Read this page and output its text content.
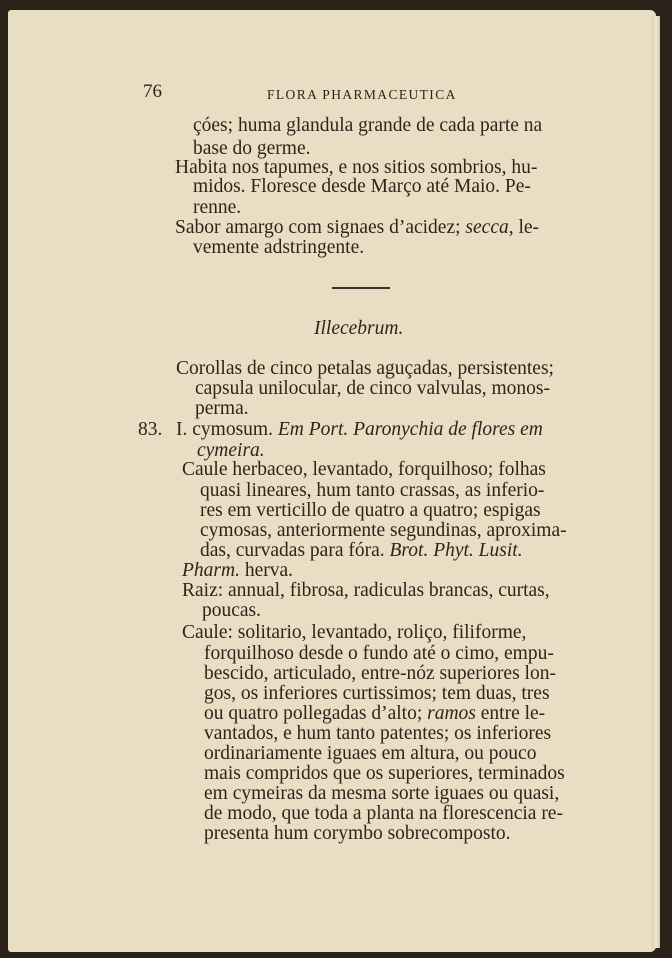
76	FLORA PHARMACEUTICA
çóes; huma glandula grande de cada parte na
base do germe.
Habita nos tapumes, e nos sitios sombrios, hu-
midos. Floresce desde Março até Maio. Pe-
renne.
Sabor amargo com signaes d’acidez; secca, le-
vemente adstringente.
Illecebrum.
Corollas de cinco petalas aguçadas, persistentes;
capsula unilocular, de cinco valvulas, monos-
perma.
83. I. cymosum. Em Port. Paronychia de flores em
cymeira.
Caule herbaceo, levantado, forquilhoso; folhas
quasi lineares, hum tanto crassas, as inferio-
res em verticillo de quatro a quatro; espigas
cymosas, anteriormente segundinas, aproxima-
das, curvadas para fóra. Brot. Phyt. Lusit.
Pharm. herva.
Raiz: annual, fibrosa, radiculas brancas, curtas,
poucas.
Caule: solitario, levantado, roliço, filiforme,
forquilhoso desde o fundo até o cimo, empu-
bescido, articulado, entre-nóz superiores lon-
gos, os inferiores curtissimos; tem duas, tres
ou quatro pollegadas d’alto; ramos entre le-
vantados, e hum tanto patentes; os inferiores
ordinariamente iguaes em altura, ou pouco
mais compridos que os superiores, terminados
em cymeiras da mesma sorte iguaes ou quasi,
de modo, que toda a planta na florescencia re-
presenta hum corymbo sobrecomposto.
